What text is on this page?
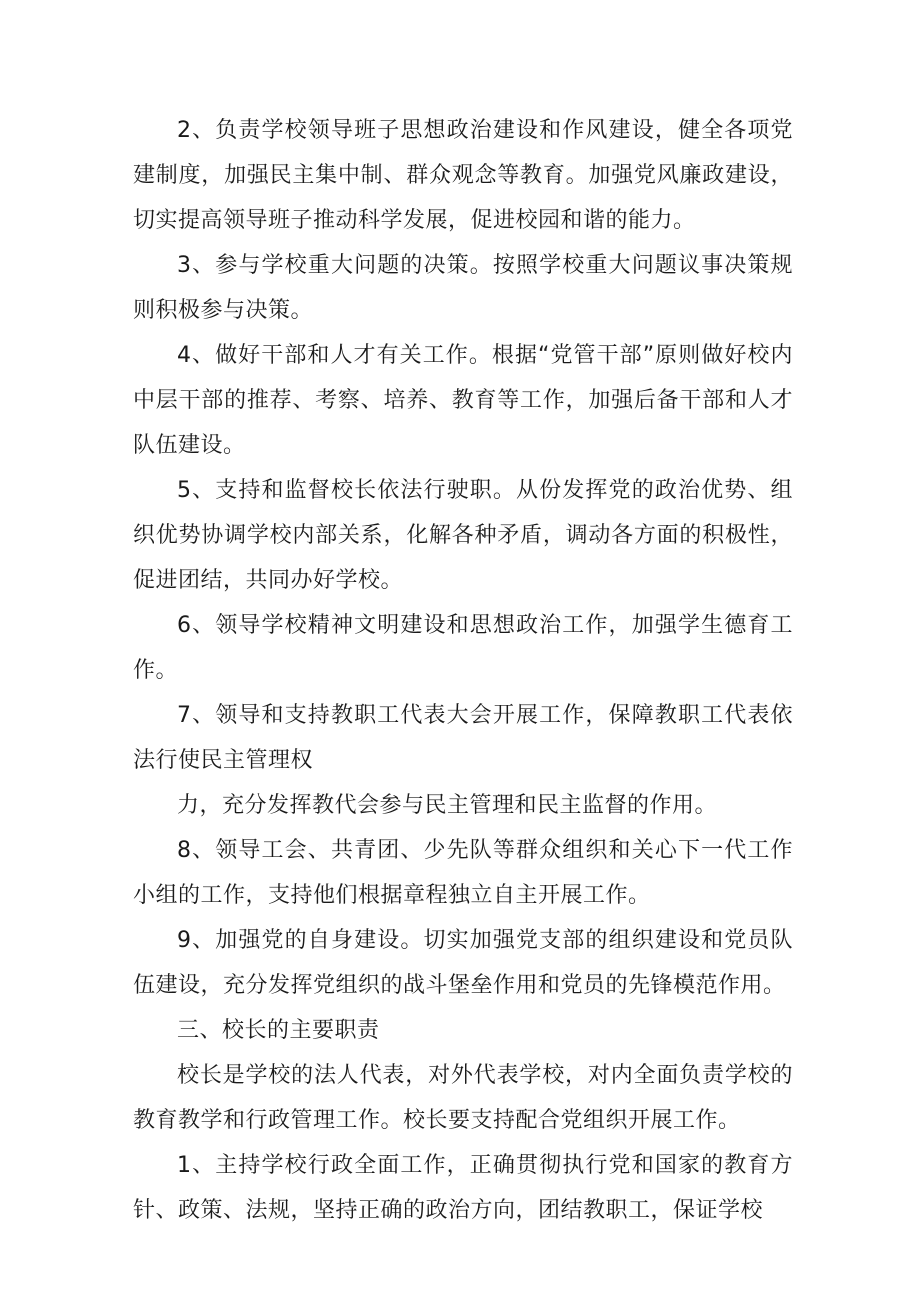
2、负责学校领导班子思想政治建设和作风建设，健全各项党建制度，加强民主集中制、群众观念等教育。加强党风廉政建设，切实提高领导班子推动科学发展，促进校园和谐的能力。

3、参与学校重大问题的决策。按照学校重大问题议事决策规则积极参与决策。

4、做好干部和人才有关工作。根据“党管干部”原则做好校内中层干部的推荐、考察、培养、教育等工作，加强后备干部和人才队伍建设。

5、支持和监督校长依法行驶职。从份发挥党的政治优势、组织优势协调学校内部关系，化解各种矛盾，调动各方面的积极性，促进团结，共同办好学校。

6、领导学校精神文明建设和思想政治工作，加强学生德育工作。

7、领导和支持教职工代表大会开展工作，保障教职工代表依法行使民主管理权

力，充分发挥教代会参与民主管理和民主监督的作用。

8、领导工会、共青团、少先队等群众组织和关心下一代工作小组的工作，支持他们根据章程独立自主开展工作。

9、加强党的自身建设。切实加强党支部的组织建设和党员队伍建设，充分发挥党组织的战斗堡垒作用和党员的先锋模范作用。

三、校长的主要职责

校长是学校的法人代表，对外代表学校，对内全面负责学校的教育教学和行政管理工作。校长要支持配合党组织开展工作。

1、主持学校行政全面工作，正确贯彻执行党和国家的教育方针、政策、法规，坚持正确的政治方向，团结教职工，保证学校
